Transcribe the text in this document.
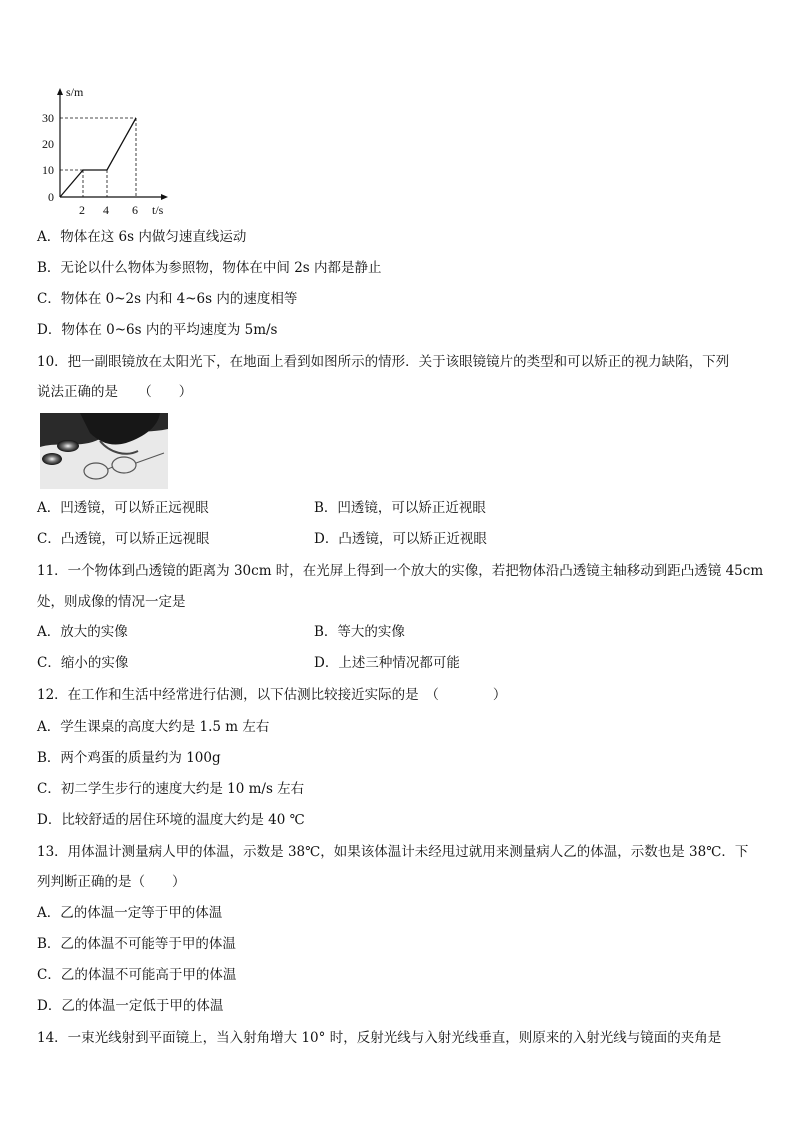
s/m
t/s
30
20
10
0
2 4 6
A．物体在这 6s 内做匀速直线运动
B．无论以什么物体为参照物，物体在中间 2s 内都是静止
C．物体在 0~2s 内和 4~6s 内的速度相等
D．物体在 0~6s 内的平均速度为 5m/s
10．把一副眼镜放在太阳光下，在地面上看到如图所示的情形．关于该眼镜镜片的类型和可以矫正的视力缺陷，下列
说法正确的是　　（　　）
A．凹透镜，可以矫正远视眼	B．凹透镜，可以矫正近视眼
C．凸透镜，可以矫正远视眼	D．凸透镜，可以矫正近视眼
11．一个物体到凸透镜的距离为 30cm 时，在光屏上得到一个放大的实像，若把物体沿凸透镜主轴移动到距凸透镜 45cm
处，则成像的情况一定是
A．放大的实像	B．等大的实像
C．缩小的实像	D．上述三种情况都可能
12．在工作和生活中经常进行估测，以下估测比较接近实际的是　（　　　　）
A．学生课桌的高度大约是 1.5 m 左右
B．两个鸡蛋的质量约为 100g
C．初二学生步行的速度大约是 10 m/s 左右
D．比较舒适的居住环境的温度大约是 40 ℃
13．用体温计测量病人甲的体温，示数是 38℃，如果该体温计未经甩过就用来测量病人乙的体温，示数也是 38℃．下
列判断正确的是（　　）
A．乙的体温一定等于甲的体温
B．乙的体温不可能等于甲的体温
C．乙的体温不可能高于甲的体温
D．乙的体温一定低于甲的体温
14．一束光线射到平面镜上，当入射角增大 10° 时，反射光线与入射光线垂直，则原来的入射光线与镜面的夹角是
